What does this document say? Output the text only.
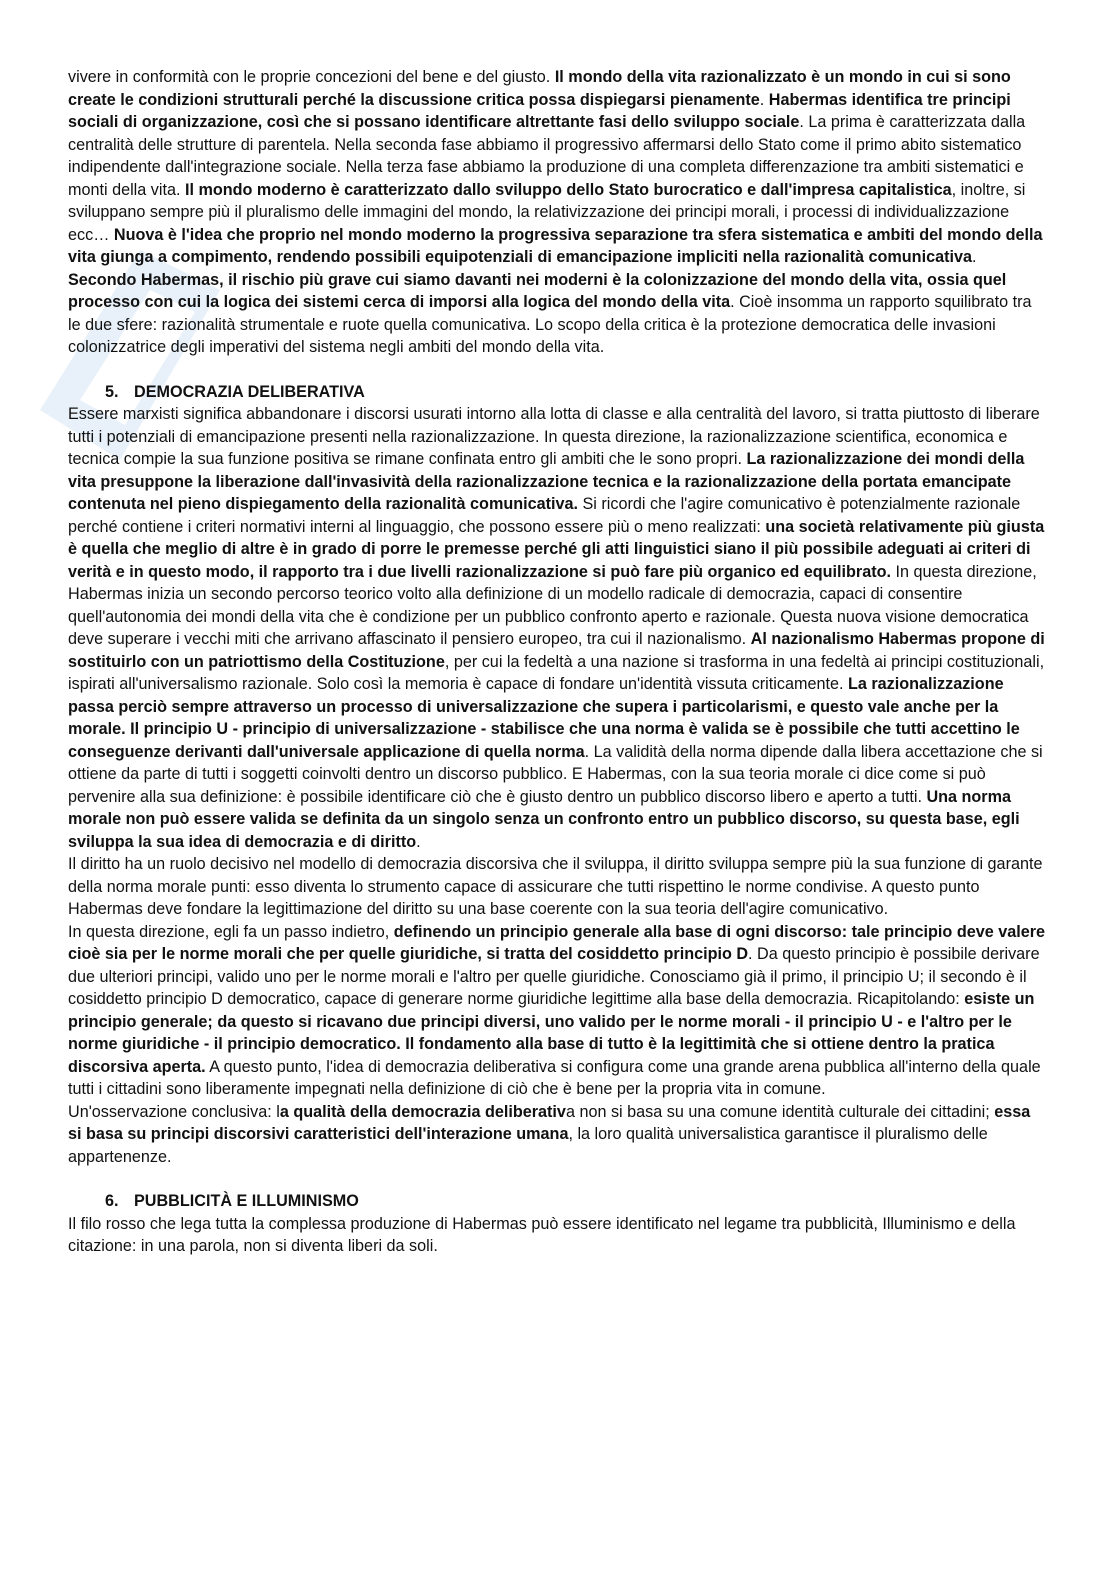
vivere in conformità con le proprie concezioni del bene e del giusto. Il mondo della vita razionalizzato è un mondo in cui si sono create le condizioni strutturali perché la discussione critica possa dispiegarsi pienamente. Habermas identifica tre principi sociali di organizzazione, così che si possano identificare altrettante fasi dello sviluppo sociale. La prima è caratterizzata dalla centralità delle strutture di parentela. Nella seconda fase abbiamo il progressivo affermarsi dello Stato come il primo abito sistematico indipendente dall'integrazione sociale. Nella terza fase abbiamo la produzione di una completa differenzazione tra ambiti sistematici e monti della vita. Il mondo moderno è caratterizzato dallo sviluppo dello Stato burocratico e dall'impresa capitalistica, inoltre, si sviluppano sempre più il pluralismo delle immagini del mondo, la relativizzazione dei principi morali, i processi di individualizzazione ecc… Nuova è l'idea che proprio nel mondo moderno la progressiva separazione tra sfera sistematica e ambiti del mondo della vita giunga a compimento, rendendo possibili equipotenziali di emancipazione impliciti nella razionalità comunicativa.

Secondo Habermas, il rischio più grave cui siamo davanti nei moderni è la colonizzazione del mondo della vita, ossia quel processo con cui la logica dei sistemi cerca di imporsi alla logica del mondo della vita. Cioè insomma un rapporto squilibrato tra le due sfere: razionalità strumentale e ruote quella comunicativa. Lo scopo della critica è la protezione democratica delle invasioni colonizzatrice degli imperativi del sistema negli ambiti del mondo della vita.

5. DEMOCRAZIA DELIBERATIVA

Essere marxisti significa abbandonare i discorsi usurati intorno alla lotta di classe e alla centralità del lavoro, si tratta piuttosto di liberare tutti i potenziali di emancipazione presenti nella razionalizzazione. In questa direzione, la razionalizzazione scientifica, economica e tecnica compie la sua funzione positiva se rimane confinata entro gli ambiti che le sono propri. La razionalizzazione dei mondi della vita presuppone la liberazione dall'invasività della razionalizzazione tecnica e la razionalizzazione della portata emancipate contenuta nel pieno dispiegamento della razionalità comunicativa. Si ricordi che l'agire comunicativo è potenzialmente razionale perché contiene i criteri normativi interni al linguaggio, che possono essere più o meno realizzati: una società relativamente più giusta è quella che meglio di altre è in grado di porre le premesse perché gli atti linguistici siano il più possibile adeguati ai criteri di verità e in questo modo, il rapporto tra i due livelli razionalizzazione si può fare più organico ed equilibrato. In questa direzione, Habermas inizia un secondo percorso teorico volto alla definizione di un modello radicale di democrazia, capaci di consentire quell'autonomia dei mondi della vita che è condizione per un pubblico confronto aperto e razionale. Questa nuova visione democratica deve superare i vecchi miti che arrivano affascinato il pensiero europeo, tra cui il nazionalismo. Al nazionalismo Habermas propone di sostituirlo con un patriottismo della Costituzione, per cui la fedeltà a una nazione si trasforma in una fedeltà ai principi costituzionali, ispirati all'universalismo razionale. Solo così la memoria è capace di fondare un'identità vissuta criticamente. La razionalizzazione passa perciò sempre attraverso un processo di universalizzazione che supera i particolarismi, e questo vale anche per la morale. Il principio U - principio di universalizzazione - stabilisce che una norma è valida se è possibile che tutti accettino le conseguenze derivanti dall'universale applicazione di quella norma. La validità della norma dipende dalla libera accettazione che si ottiene da parte di tutti i soggetti coinvolti dentro un discorso pubblico. E Habermas, con la sua teoria morale ci dice come si può pervenire alla sua definizione: è possibile identificare ciò che è giusto dentro un pubblico discorso libero e aperto a tutti. Una norma morale non può essere valida se definita da un singolo senza un confronto entro un pubblico discorso, su questa base, egli sviluppa la sua idea di democrazia e di diritto.

Il diritto ha un ruolo decisivo nel modello di democrazia discorsiva che il sviluppa, il diritto sviluppa sempre più la sua funzione di garante della norma morale punti: esso diventa lo strumento capace di assicurare che tutti rispettino le norme condivise. A questo punto Habermas deve fondare la legittimazione del diritto su una base coerente con la sua teoria dell'agire comunicativo.

In questa direzione, egli fa un passo indietro, definendo un principio generale alla base di ogni discorso: tale principio deve valere cioè sia per le norme morali che per quelle giuridiche, si tratta del cosiddetto principio D. Da questo principio è possibile derivare due ulteriori principi, valido uno per le norme morali e l'altro per quelle giuridiche. Conosciamo già il primo, il principio U; il secondo è il cosiddetto principio D democratico, capace di generare norme giuridiche legittime alla base della democrazia. Ricapitolando: esiste un principio generale; da questo si ricavano due principi diversi, uno valido per le norme morali - il principio U - e l'altro per le norme giuridiche - il principio democratico. Il fondamento alla base di tutto è la legittimità che si ottiene dentro la pratica discorsiva aperta. A questo punto, l'idea di democrazia deliberativa si configura come una grande arena pubblica all'interno della quale tutti i cittadini sono liberamente impegnati nella definizione di ciò che è bene per la propria vita in comune.

Un'osservazione conclusiva: la qualità della democrazia deliberativa non si basa su una comune identità culturale dei cittadini; essa si basa su principi discorsivi caratteristici dell'interazione umana, la loro qualità universalistica garantisce il pluralismo delle appartenenze.

6. PUBBLICITÀ E ILLUMINISMO

Il filo rosso che lega tutta la complessa produzione di Habermas può essere identificato nel legame tra pubblicità, Illuminismo e della citazione: in una parola, non si diventa liberi da soli.
